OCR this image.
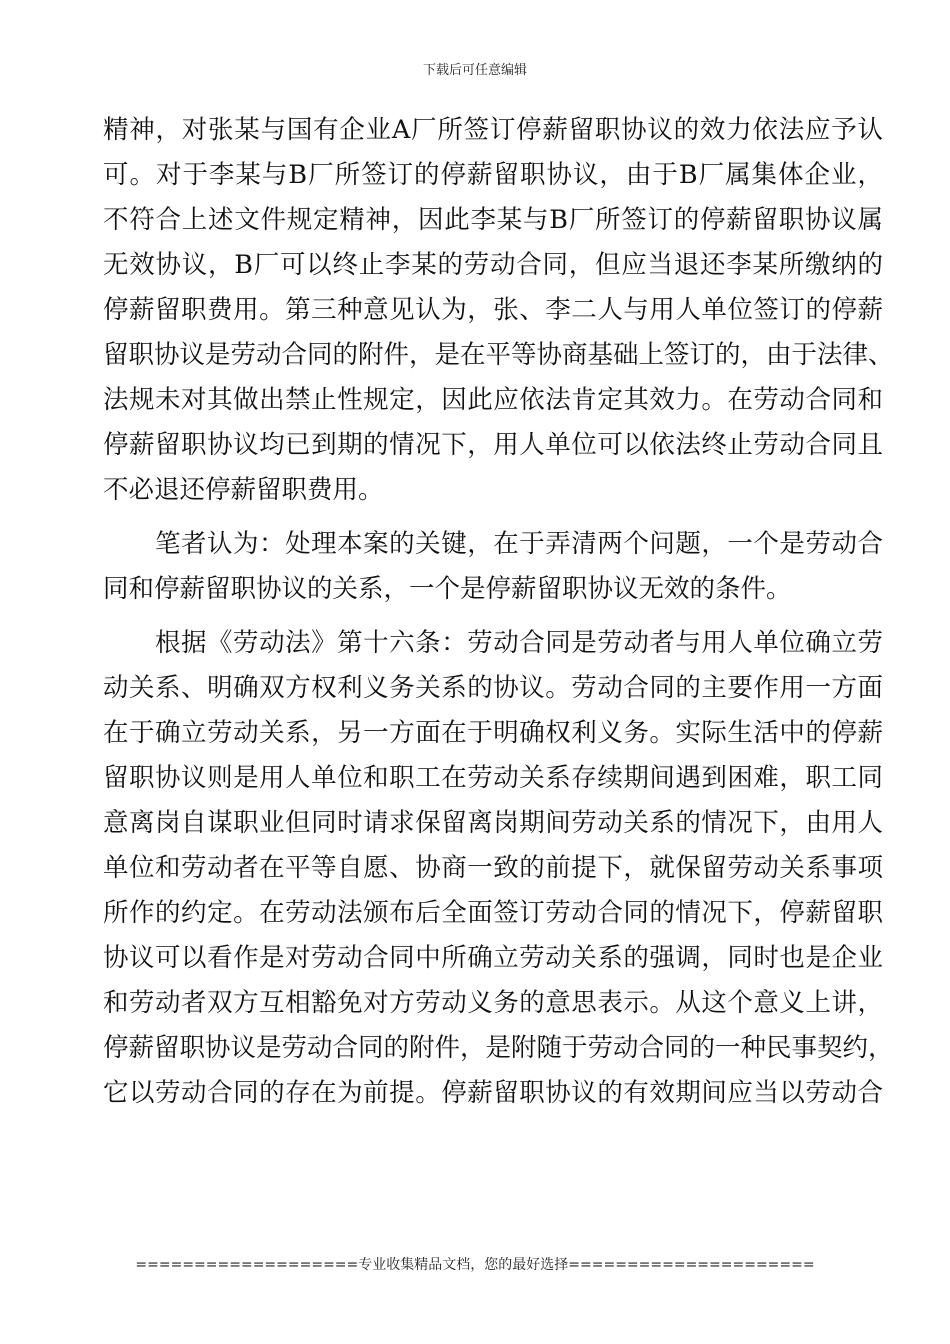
下载后可任意编辑
精神，对张某与国有企业A厂所签订停薪留职协议的效力依法应予认
可。对于李某与B厂所签订的停薪留职协议，由于B厂属集体企业，
不符合上述文件规定精神，因此李某与B厂所签订的停薪留职协议属
无效协议，B厂可以终止李某的劳动合同，但应当退还李某所缴纳的
停薪留职费用。第三种意见认为，张、李二人与用人单位签订的停薪
留职协议是劳动合同的附件，是在平等协商基础上签订的，由于法律、
法规未对其做出禁止性规定，因此应依法肯定其效力。在劳动合同和
停薪留职协议均已到期的情况下，用人单位可以依法终止劳动合同且
不必退还停薪留职费用。
笔者认为：处理本案的关键，在于弄清两个问题，一个是劳动合
同和停薪留职协议的关系，一个是停薪留职协议无效的条件。
根据《劳动法》第十六条：劳动合同是劳动者与用人单位确立劳
动关系、明确双方权利义务关系的协议。劳动合同的主要作用一方面
在于确立劳动关系，另一方面在于明确权利义务。实际生活中的停薪
留职协议则是用人单位和职工在劳动关系存续期间遇到困难，职工同
意离岗自谋职业但同时请求保留离岗期间劳动关系的情况下，由用人
单位和劳动者在平等自愿、协商一致的前提下，就保留劳动关系事项
所作的约定。在劳动法颁布后全面签订劳动合同的情况下，停薪留职
协议可以看作是对劳动合同中所确立劳动关系的强调，同时也是企业
和劳动者双方互相豁免对方劳动义务的意思表示。从这个意义上讲，
停薪留职协议是劳动合同的附件，是附随于劳动合同的一种民事契约，
它以劳动合同的存在为前提。停薪留职协议的有效期间应当以劳动合
===================专业收集精品文档，您的最好选择=====================
